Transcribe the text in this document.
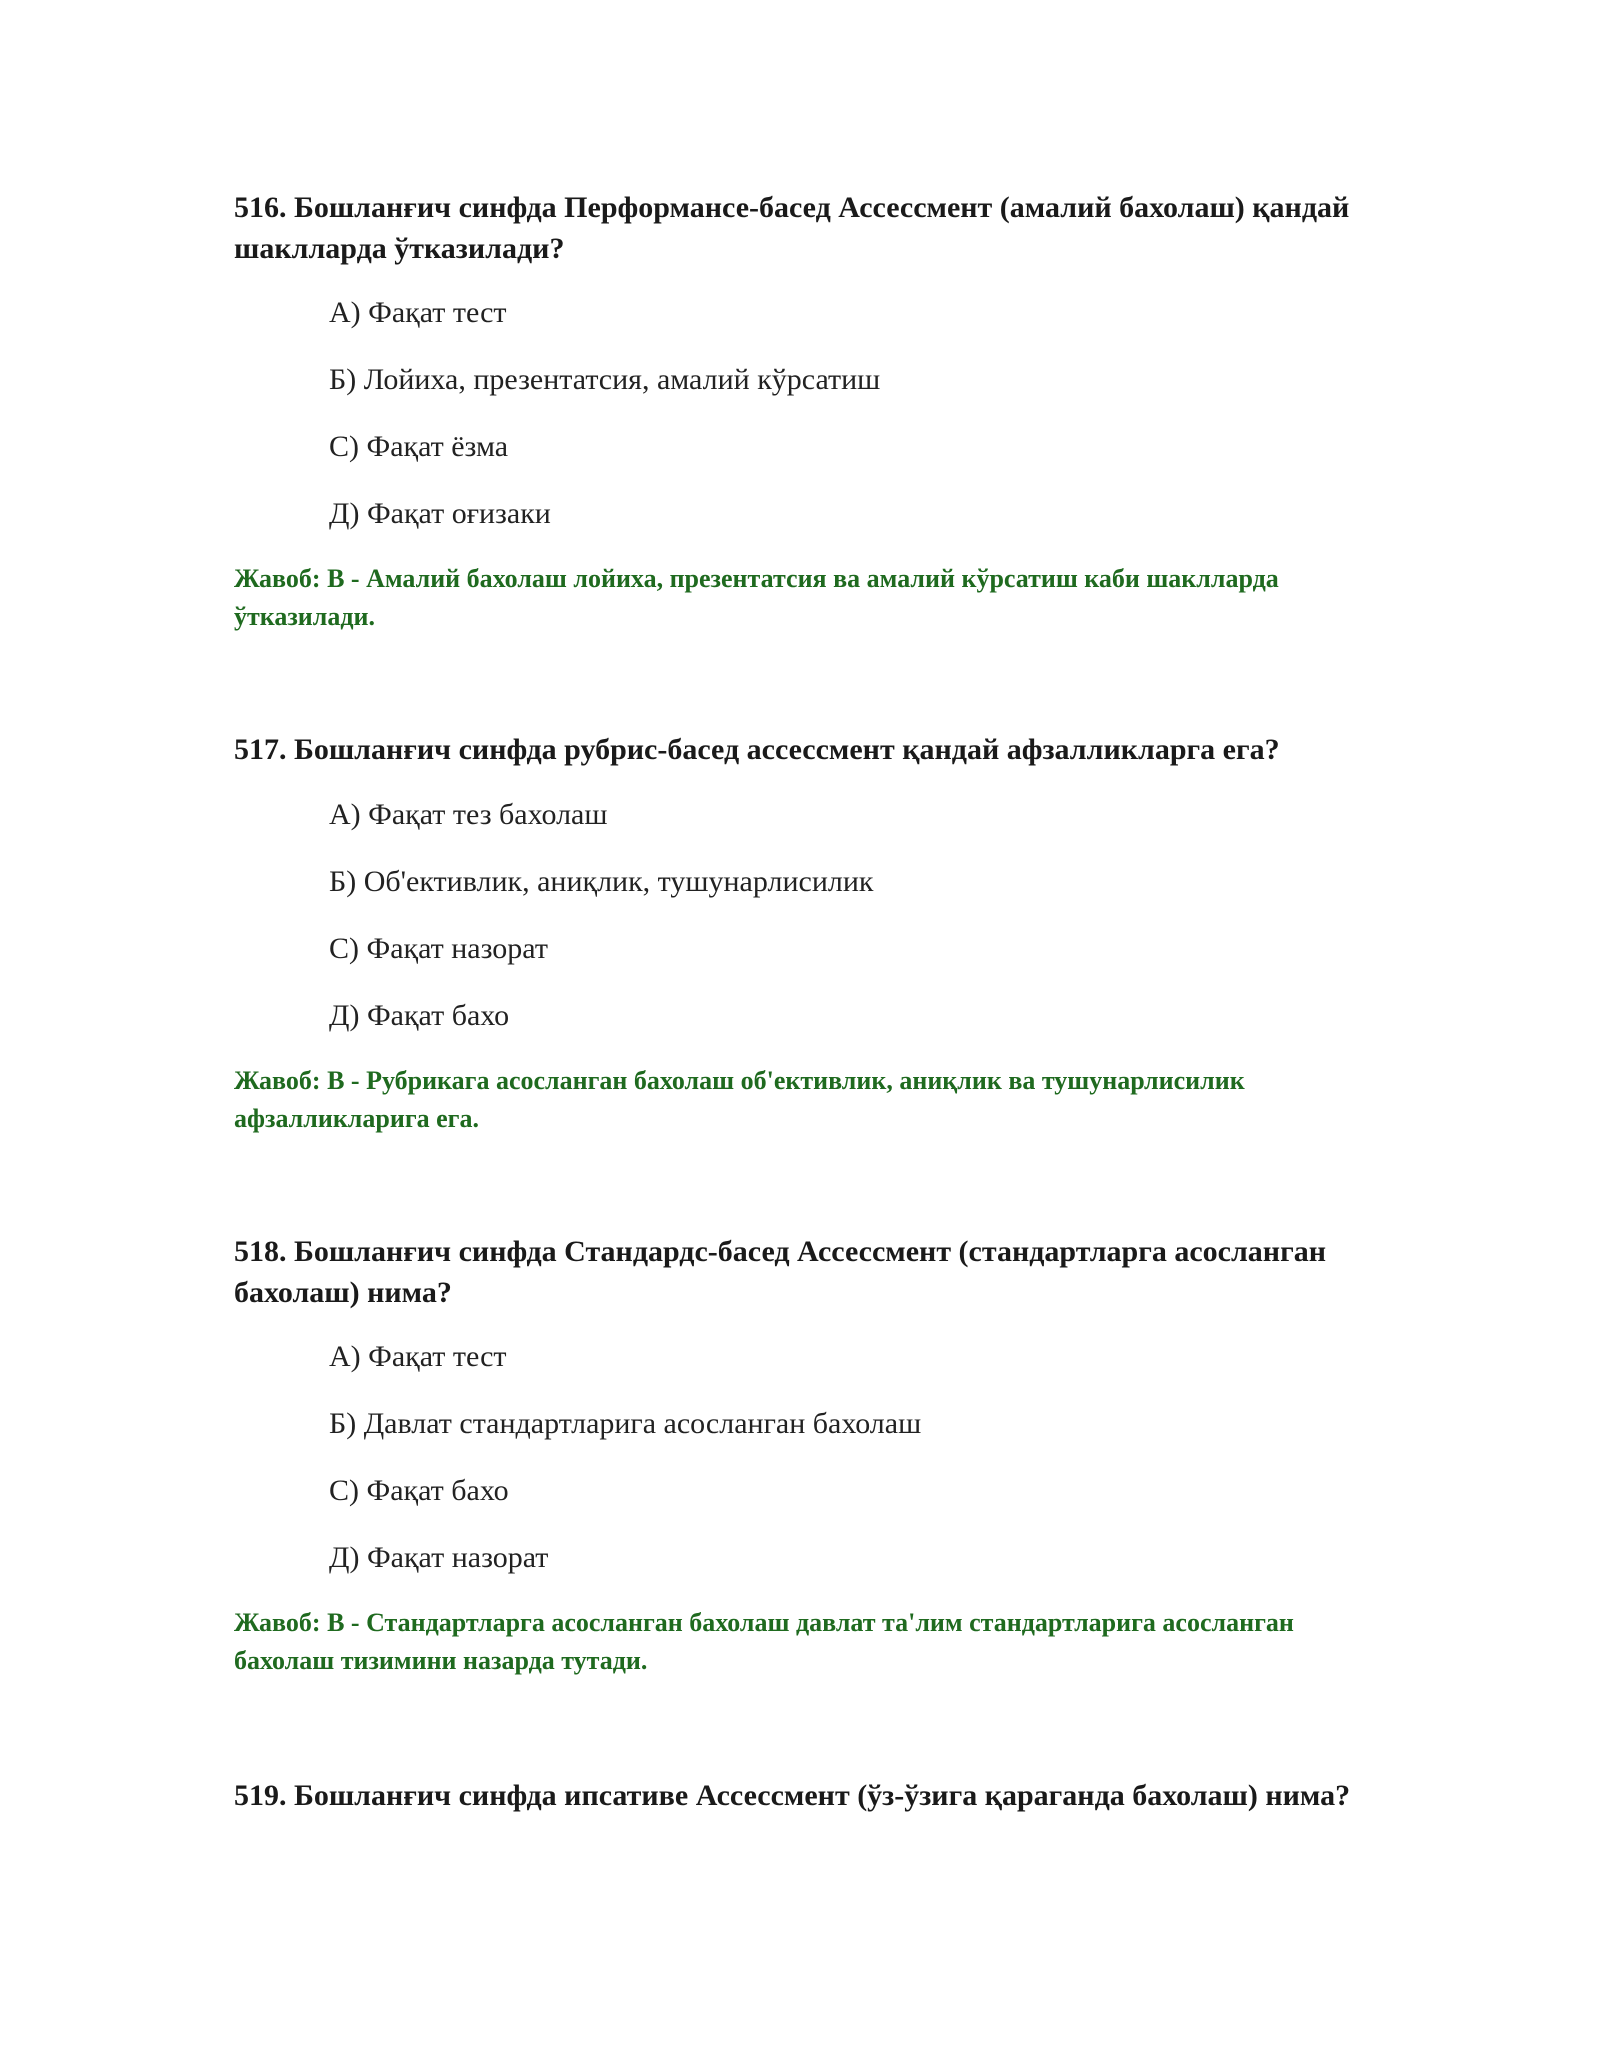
516. Бошланғич синфда Перформансе-басед Ассессмент (амалий бахолаш) қандай шаклларда ўтказилади?
А) Фақат тест
Б) Лойиха, презентатсия, амалий кўрсатиш
С) Фақат ёзма
Д) Фақат оғизаки
Жавоб: B - Амалий бахолаш лойиха, презентатсия ва амалий кўрсатиш каби шаклларда ўтказилади.
517. Бошланғич синфда рубрис-басед ассессмент қандай афзалликларга ега?
А) Фақат тез бахолаш
Б) Об'ективлик, аниқлик, тушунарлисилик
С) Фақат назорат
Д) Фақат бахо
Жавоб: B - Рубрикага асосланган бахолаш об'ективлик, аниқлик ва тушунарлисилик афзалликларига ега.
518. Бошланғич синфда Стандардс-басед Ассессмент (стандартларга асосланган бахолаш) нима?
А) Фақат тест
Б) Давлат стандартларига асосланган бахолаш
С) Фақат бахо
Д) Фақат назорат
Жавоб: B - Стандартларга асосланган бахолаш давлат та'лим стандартларига асосланган бахолаш тизимини назарда тутади.
519. Бошланғич синфда ипсативе Ассессмент (ўз-ўзига қараганда бахолаш) нима?
